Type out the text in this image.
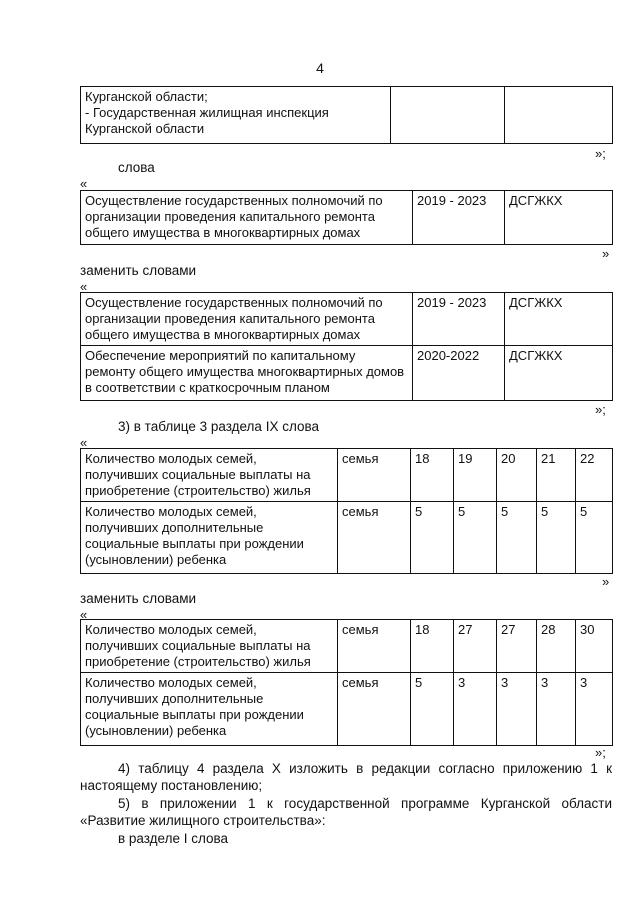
4
Курганской области;
- Государственная жилищная инспекция
Курганской области		
»;
слова
«
Осуществление государственных полномочий по организации проведения капитального ремонта общего имущества в многоквартирных домах	2019 - 2023	ДСГЖКХ
»
заменить словами
«
Осуществление государственных полномочий по организации проведения капитального ремонта общего имущества в многоквартирных домах	2019 - 2023	ДСГЖКХ
Обеспечение мероприятий по капитальному ремонту общего имущества многоквартирных домов в соответствии с краткосрочным планом	2020-2022	ДСГЖКХ
»;
3) в таблице 3 раздела IX слова
«
Количество молодых семей, получивших социальные выплаты на приобретение (строительство) жилья	семья	18	19	20	21	22
Количество молодых семей, получивших дополнительные социальные выплаты при рождении (усыновлении) ребенка	семья	5	5	5	5	5
»
заменить словами
«
Количество молодых семей, получивших социальные выплаты на приобретение (строительство) жилья	семья	18	27	27	28	30
Количество молодых семей, получивших дополнительные социальные выплаты при рождении (усыновлении) ребенка	семья	5	3	3	3	3
»;
4) таблицу 4 раздела X изложить в редакции согласно приложению 1 к
настоящему постановлению;
5) в приложении 1 к государственной программе Курганской области
«Развитие жилищного строительства»:
в разделе I слова
